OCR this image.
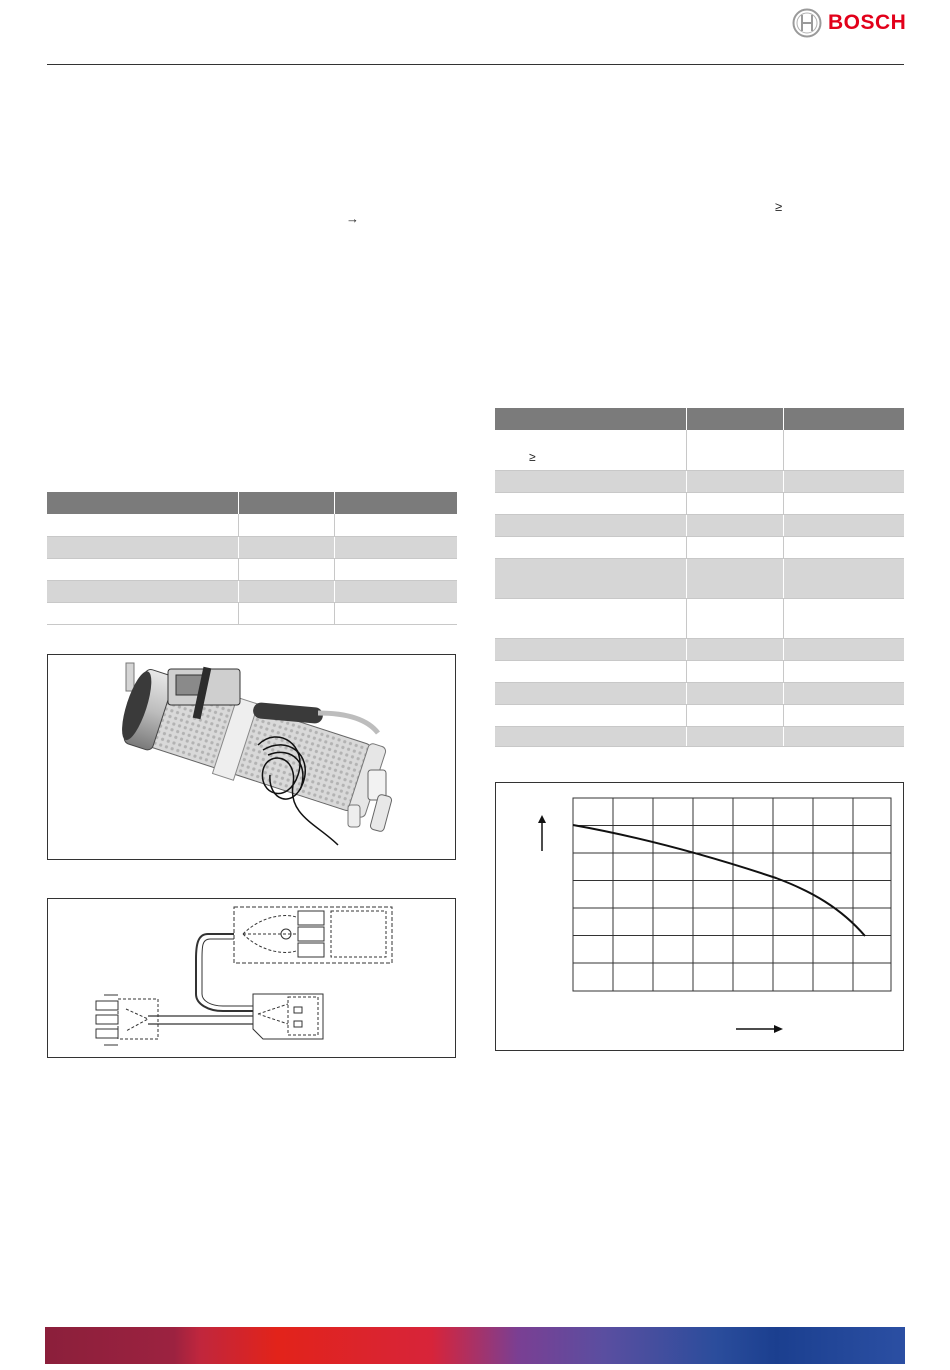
BOSCH
→
≥

≥		
